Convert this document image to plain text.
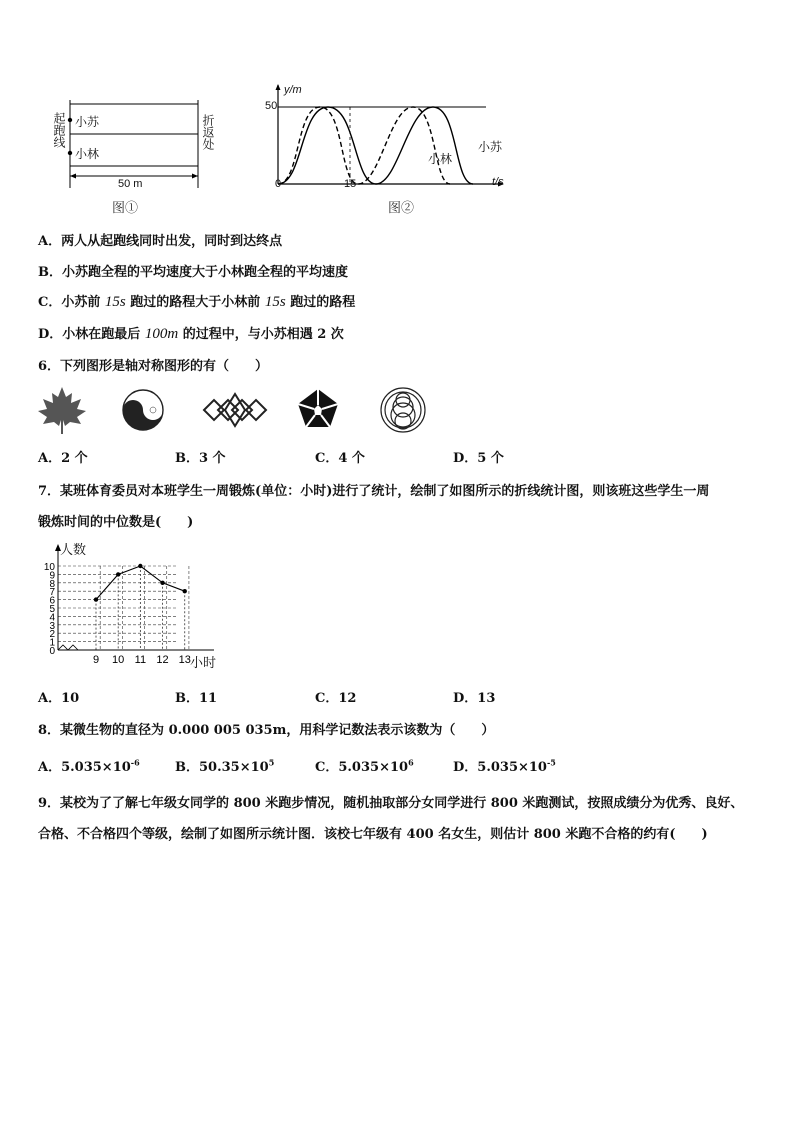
起跑线	折返处
小苏
小林
50 m
图①
y/m
50
0	15	t/s
小林
小苏
图②
A．两人从起跑线同时出发，同时到达终点
B．小苏跑全程的平均速度大于小林跑全程的平均速度
C．小苏前 15s 跑过的路程大于小林前 15s 跑过的路程
D．小林在跑最后 100m 的过程中，与小苏相遇 2 次
6．下列图形是轴对称图形的有（　　）
A．2 个	B．3 个	C．4 个	D．5 个
7．某班体育委员对本班学生一周锻炼(单位：小时)进行了统计，绘制了如图所示的折线统计图，则该班这些学生一周
锻炼时间的中位数是(　　)
0
1
2
3
4
5
6
7
8
9
10
9 10 11 12 13
人数
小时
A．10	B．11	C．12	D．13
8．某微生物的直径为 0.000 005 035m，用科学记数法表示该数为（　　）
A．$5.035\times 10^{-6}$	B．$50.35\times 10^5$	C．$5.035\times 10^6$	D．$5.035\times 10^{-5}$
9．某校为了了解七年级女同学的 800 米跑步情况，随机抽取部分女同学进行 800 米跑测试，按照成绩分为优秀、良好、
合格、不合格四个等级，绘制了如图所示统计图．该校七年级有 400 名女生，则估计 800 米跑不合格的约有(　　)
